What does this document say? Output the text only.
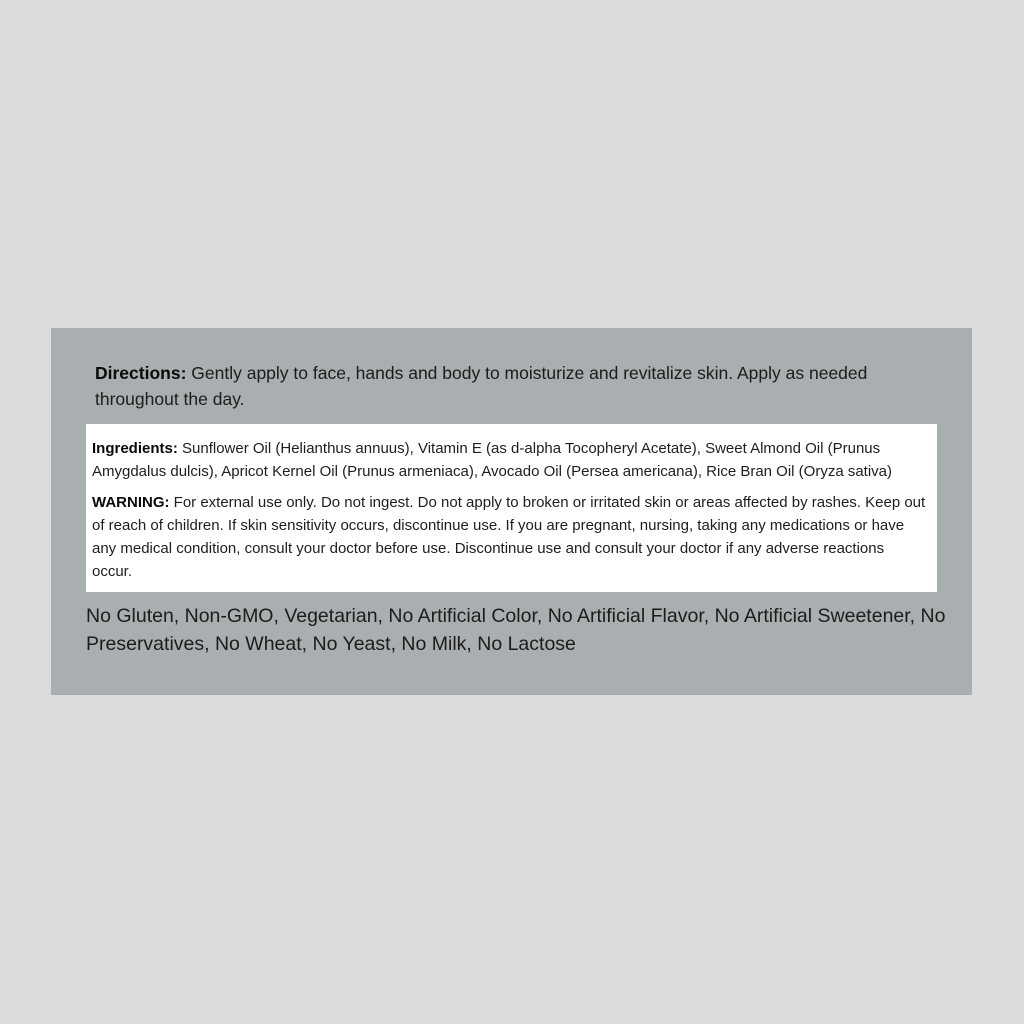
Directions: Gently apply to face, hands and body to moisturize and revitalize skin. Apply as needed throughout the day.

Ingredients: Sunflower Oil (Helianthus annuus), Vitamin E (as d-alpha Tocopheryl Acetate), Sweet Almond Oil (Prunus Amygdalus dulcis), Apricot Kernel Oil (Prunus armeniaca), Avocado Oil (Persea americana), Rice Bran Oil (Oryza sativa)

WARNING: For external use only. Do not ingest. Do not apply to broken or irritated skin or areas affected by rashes. Keep out of reach of children. If skin sensitivity occurs, discontinue use. If you are pregnant, nursing, taking any medications or have any medical condition, consult your doctor before use. Discontinue use and consult your doctor if any adverse reactions occur.

No Gluten, Non-GMO, Vegetarian, No Artificial Color, No Artificial Flavor, No Artificial Sweetener, No Preservatives, No Wheat, No Yeast, No Milk, No Lactose
